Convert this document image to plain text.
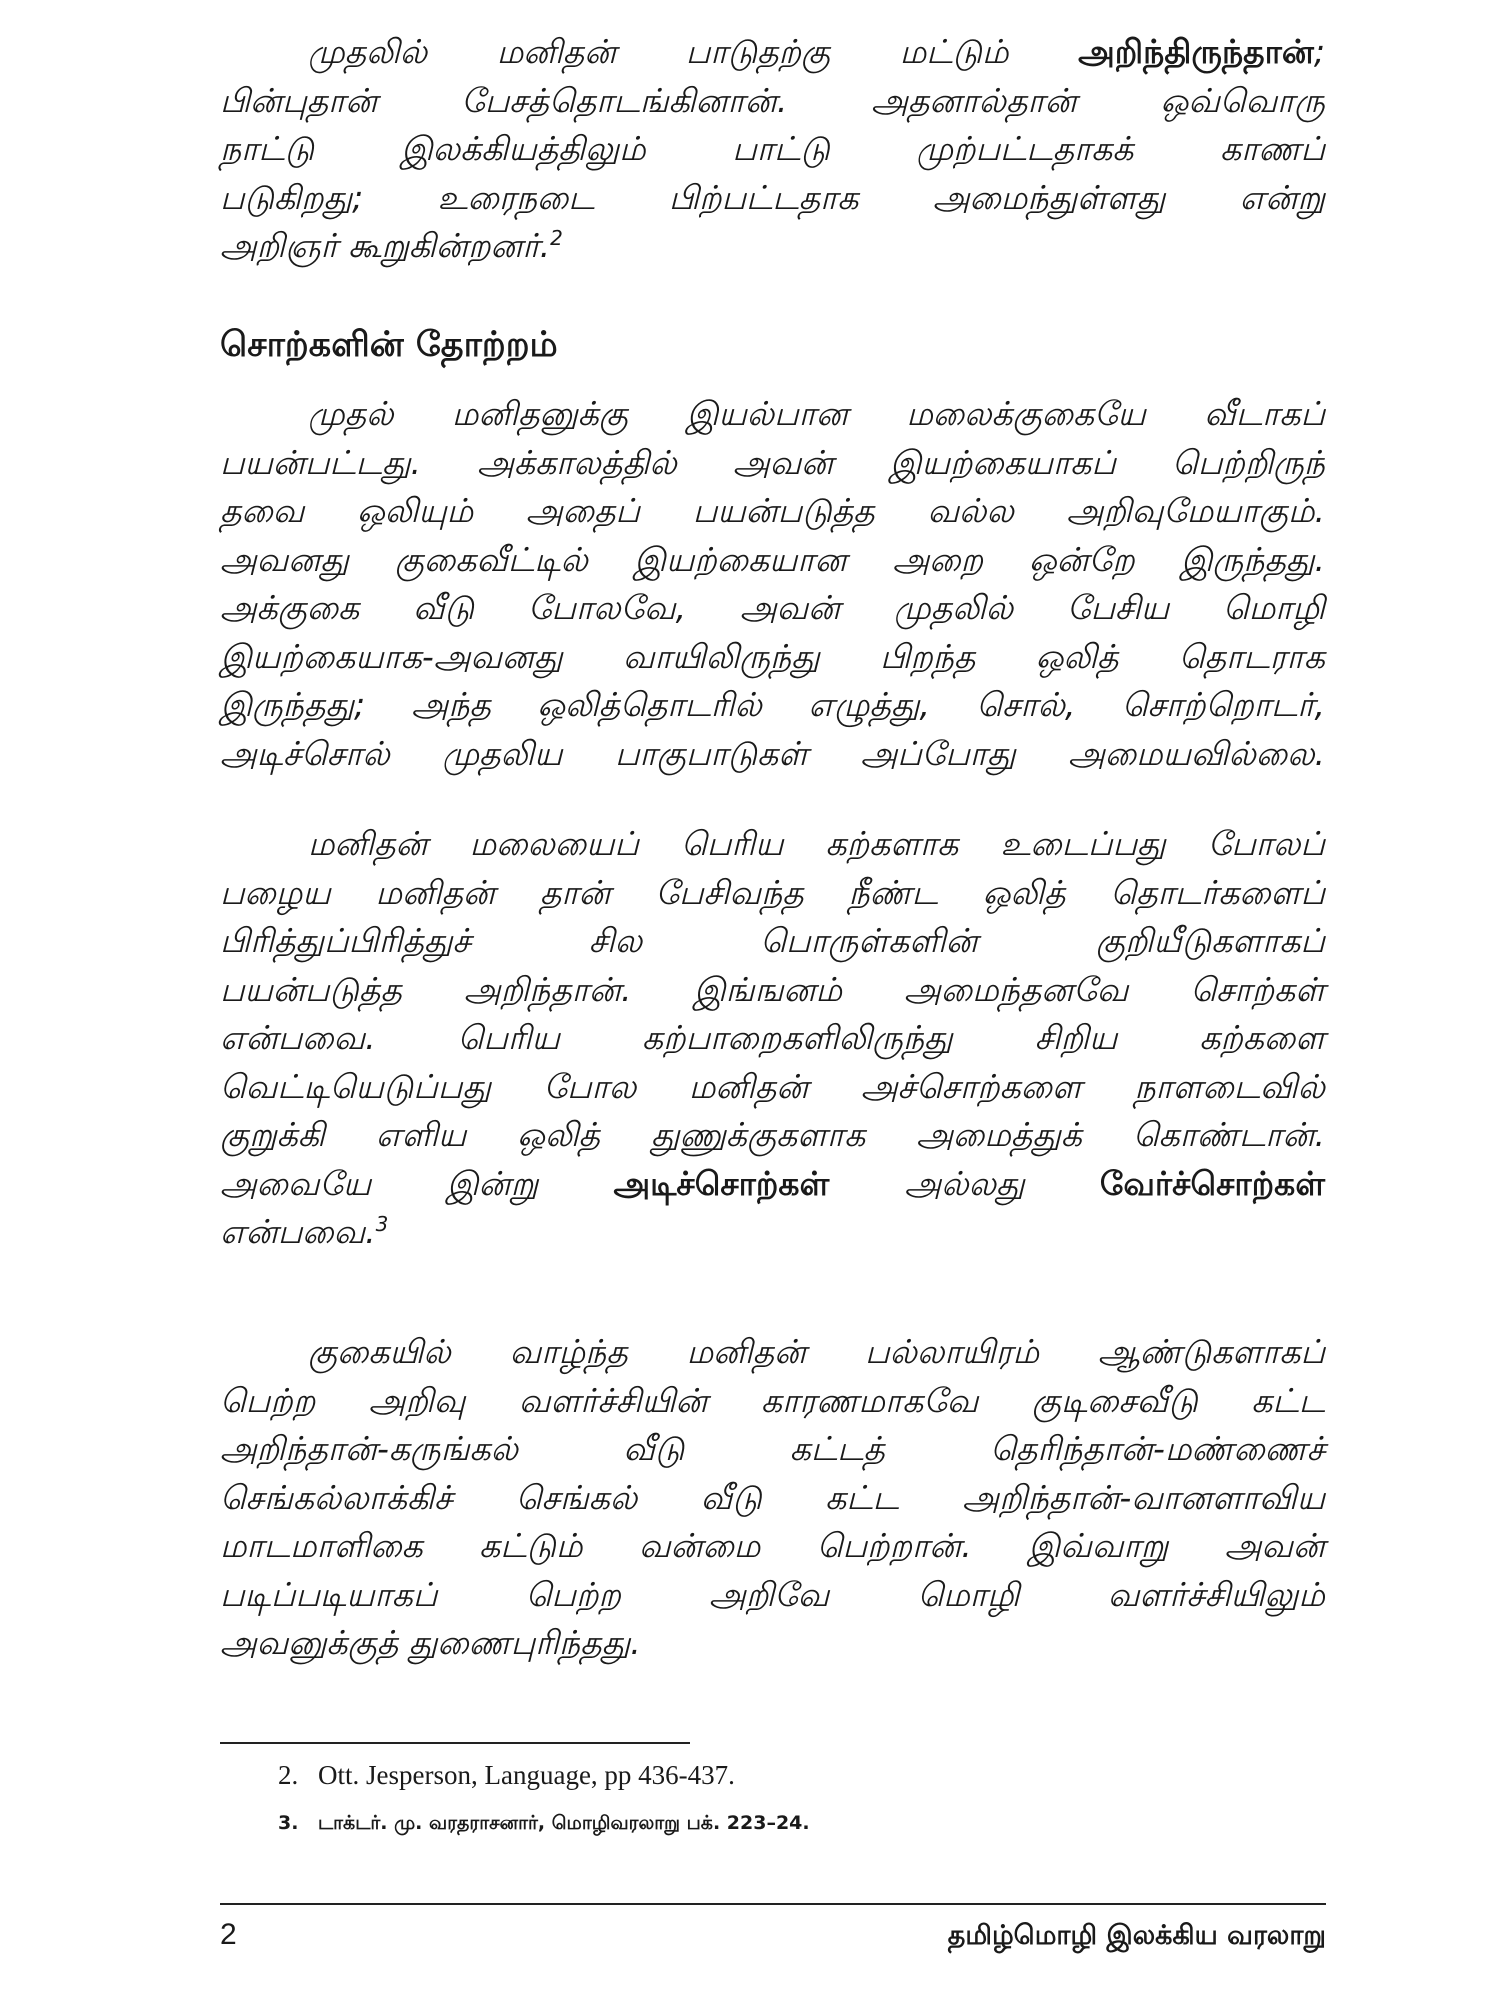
முதலில் மனிதன் பாடுதற்கு மட்டும் அறிந்திருந்தான்;
பின்புதான் பேசத்தொடங்கினான். அதனால்தான் ஒவ்வொரு
நாட்டு இலக்கியத்திலும் பாட்டு முற்பட்டதாகக் காணப்
படுகிறது; உரைநடை பிற்பட்டதாக அமைந்துள்ளது என்று
அறிஞர் கூறுகின்றனர்.$^2$
சொற்களின் தோற்றம்
முதல் மனிதனுக்கு இயல்பான மலைக்குகையே வீடாகப்
பயன்பட்டது. அக்காலத்தில் அவன் இயற்கையாகப் பெற்றிருந்
தவை ஒலியும் அதைப் பயன்படுத்த வல்ல அறிவுமேயாகும்.
அவனது குகைவீட்டில் இயற்கையான அறை ஒன்றே இருந்தது.
அக்குகை வீடு போலவே, அவன் முதலில் பேசிய மொழி
இயற்கையாக-அவனது வாயிலிருந்து பிறந்த ஒலித் தொடராக
இருந்தது; அந்த ஒலித்தொடரில் எழுத்து, சொல், சொற்றொடர்,
அடிச்சொல் முதலிய பாகுபாடுகள் அப்போது அமையவில்லை.
மனிதன் மலையைப் பெரிய கற்களாக உடைப்பது போலப்
பழைய மனிதன் தான் பேசிவந்த நீண்ட ஒலித் தொடர்களைப்
பிரித்துப்பிரித்துச் சில பொருள்களின் குறியீடுகளாகப்
பயன்படுத்த அறிந்தான். இங்ஙனம் அமைந்தனவே சொற்கள்
என்பவை. பெரிய கற்பாறைகளிலிருந்து சிறிய கற்களை
வெட்டியெடுப்பது போல மனிதன் அச்சொற்களை நாளடைவில்
குறுக்கி எளிய ஒலித் துணுக்குகளாக அமைத்துக் கொண்டான்.
அவையே இன்று அடிச்சொற்கள் அல்லது வேர்ச்சொற்கள்
என்பவை.$^3$
குகையில் வாழ்ந்த மனிதன் பல்லாயிரம் ஆண்டுகளாகப்
பெற்ற அறிவு வளர்ச்சியின் காரணமாகவே குடிசைவீடு கட்ட
அறிந்தான்-கருங்கல் வீடு கட்டத் தெரிந்தான்-மண்ணைச்
செங்கல்லாக்கிச் செங்கல் வீடு கட்ட அறிந்தான்-வானளாவிய
மாடமாளிகை கட்டும் வன்மை பெற்றான். இவ்வாறு அவன்
படிப்படியாகப் பெற்ற அறிவே மொழி வளர்ச்சியிலும்
அவனுக்குத் துணைபுரிந்தது.

2. Ott. Jesperson, Language, pp 436-437.

3. டாக்டர். மு. வரதராசனார், மொழிவரலாறு பக். 223–24.

2	தமிழ்மொழி இலக்கிய வரலாறு
